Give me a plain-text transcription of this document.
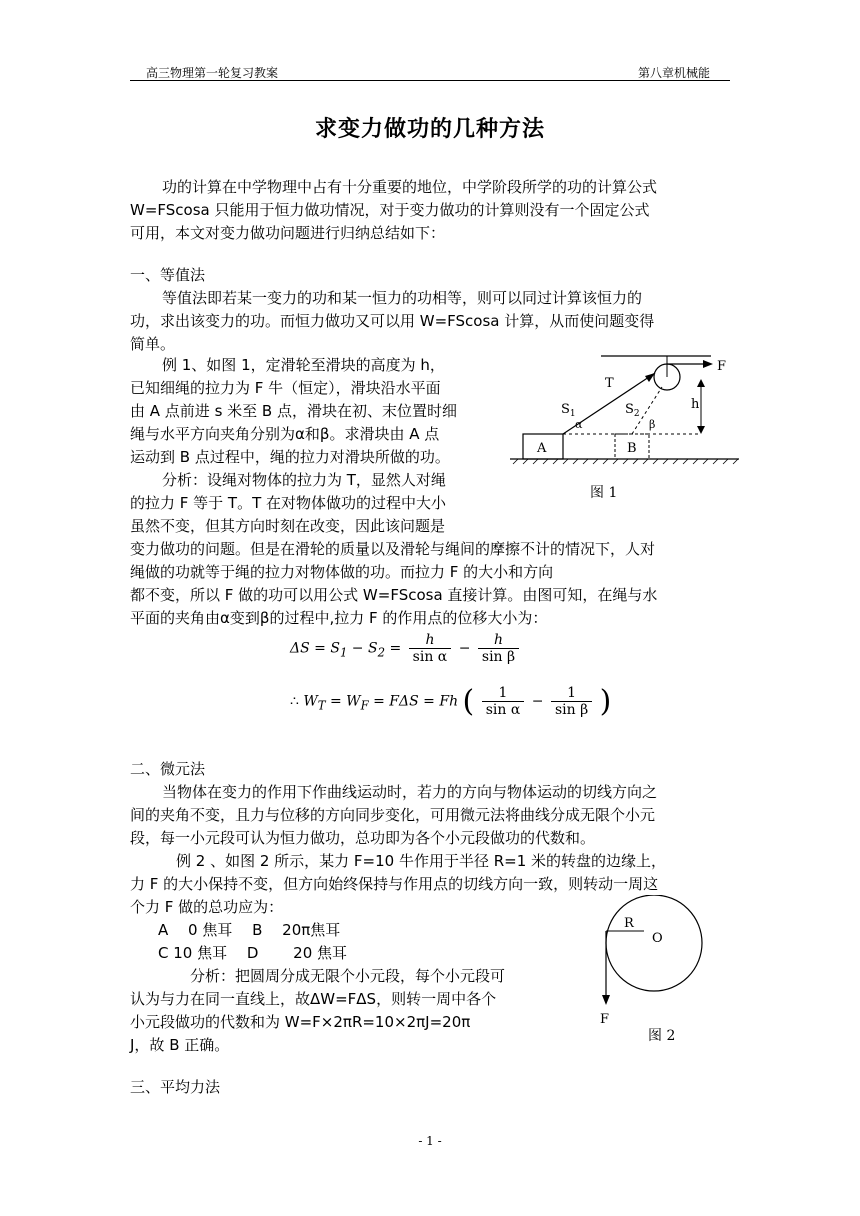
高三物理第一轮复习教案	第八章机械能
求变力做功的几种方法
功的计算在中学物理中占有十分重要的地位，中学阶段所学的功的计算公式
W=FScosa 只能用于恒力做功情况，对于变力做功的计算则没有一个固定公式
可用，本文对变力做功问题进行归纳总结如下：
一、等值法
等值法即若某一变力的功和某一恒力的功相等，则可以同过计算该恒力的
功，求出该变力的功。而恒力做功又可以用 W=FScosa 计算，从而使问题变得
简单。
例 1、如图 1，定滑轮至滑块的高度为 h，
已知细绳的拉力为 F 牛（恒定），滑块沿水平面
由 A 点前进 s 米至 B 点，滑块在初、末位置时细
绳与水平方向夹角分别为α和β。求滑块由 A 点
运动到 B 点过程中，绳的拉力对滑块所做的功。
分析：设绳对物体的拉力为 T，显然人对绳
的拉力 F 等于 T。T 在对物体做功的过程中大小
虽然不变，但其方向时刻在改变，因此该问题是
变力做功的问题。但是在滑轮的质量以及滑轮与绳间的摩擦不计的情况下，人对
绳做的功就等于绳的拉力对物体做的功。而拉力 F 的大小和方向
都不变，所以 F 做的功可以用公式 W=FScosa 直接计算。由图可知，在绳与水
平面的夹角由α变到β的过程中,拉力 F 的作用点的位移大小为：
F
T
h
$S_1$	$S_2$
α	β
A	B
图 1
$\Delta S = S_1 - S_2 = \frac{h}{\text{sin α}} - \frac{h}{\text{sin β}}$
∴ $W_T = W_F = F\Delta S = Fh$ ( $\frac{1}{\text{sin α}} - \frac{1}{\text{sin β}}$ )
二、微元法
当物体在变力的作用下作曲线运动时，若力的方向与物体运动的切线方向之
间的夹角不变，且力与位移的方向同步变化，可用微元法将曲线分成无限个小元
段，每一小元段可认为恒力做功，总功即为各个小元段做功的代数和。
例 2 、如图 2 所示，某力 F=10 牛作用于半径 R=1 米的转盘的边缘上，
力 F 的大小保持不变，但方向始终保持与作用点的切线方向一致，则转动一周这
个力 F 做的总功应为：
A　 0 焦耳　 B　 20π焦耳
C 10 焦耳　 D　　 20 焦耳
分析：把圆周分成无限个小元段，每个小元段可
认为与力在同一直线上，故ΔW=FΔS，则转一周中各个
小元段做功的代数和为 W=F×2πR=10×2πJ=20π
J，故 B 正确。
R
O
F
图 2
三、平均力法
- 1 -
